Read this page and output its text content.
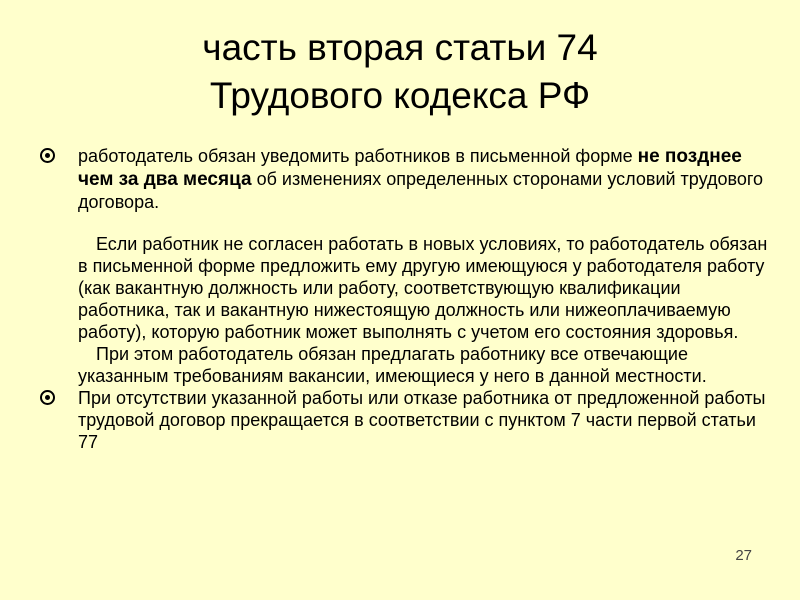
часть вторая статьи 74
Трудового кодекса РФ
работодатель обязан уведомить работников в письменной форме не позднее чем за два месяца об изменениях определенных сторонами условий трудового договора.
Если работник не согласен работать в новых условиях, то работодатель обязан в письменной форме предложить ему другую имеющуюся у работодателя работу (как вакантную должность или работу, соответствующую квалификации работника, так и вакантную нижестоящую должность или нижеоплачиваемую работу), которую работник может выполнять с учетом его состояния здоровья.
При этом работодатель обязан предлагать работнику все отвечающие указанным требованиям вакансии, имеющиеся у него в данной местности.
При отсутствии указанной работы или отказе работника от предложенной работы трудовой договор прекращается в соответствии с пунктом 7 части первой статьи 77
27
